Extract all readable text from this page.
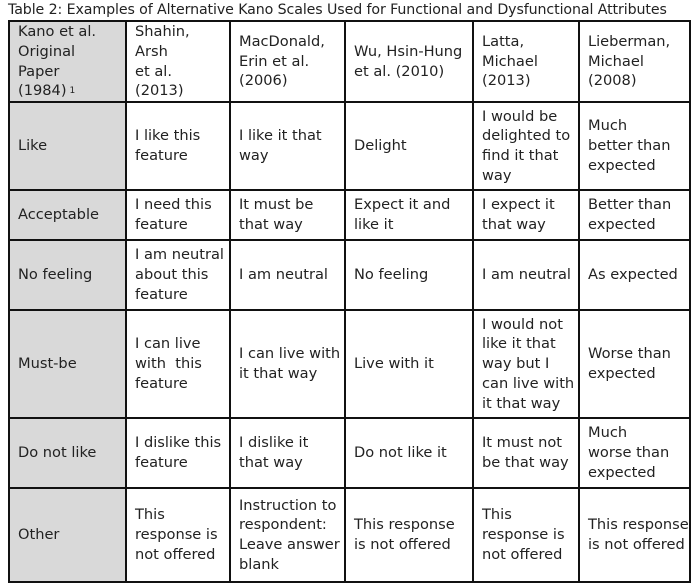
Table 2: Examples of Alternative Kano Scales Used for Functional and Dysfunctional Attributes
Kano et al.
Original Paper
(1984) $^1$	Shahin, Arsh
et al. (2013)	MacDonald,
Erin et al.
(2006)	Wu, Hsin-Hung
et al. (2010)	Latta,
Michael
(2013)	Lieberman,
Michael
(2008)

Like	I like this
feature	I like it that
way	Delight	I would be
delighted to
find it that
way	Much
better than
expected

Acceptable	I need this
feature	It must be
that way	Expect it and
like it	I expect it
that way	Better than
expected

No feeling	I am neutral
about this
feature	I am neutral	No feeling	I am neutral	As expected

Must-be	I can live
with  this
feature	I can live with
it that way	Live with it	I would not
like it that
way but I
can live with
it that way	Worse than
expected

Do not like	I dislike this
feature	I dislike it
that way	Do not like it	It must not
be that way	Much
worse than
expected

Other	This
response is
not offered	Instruction to
respondent:
Leave answer
blank	This response
is not offered	This
response is
not offered	This response
is not offered
